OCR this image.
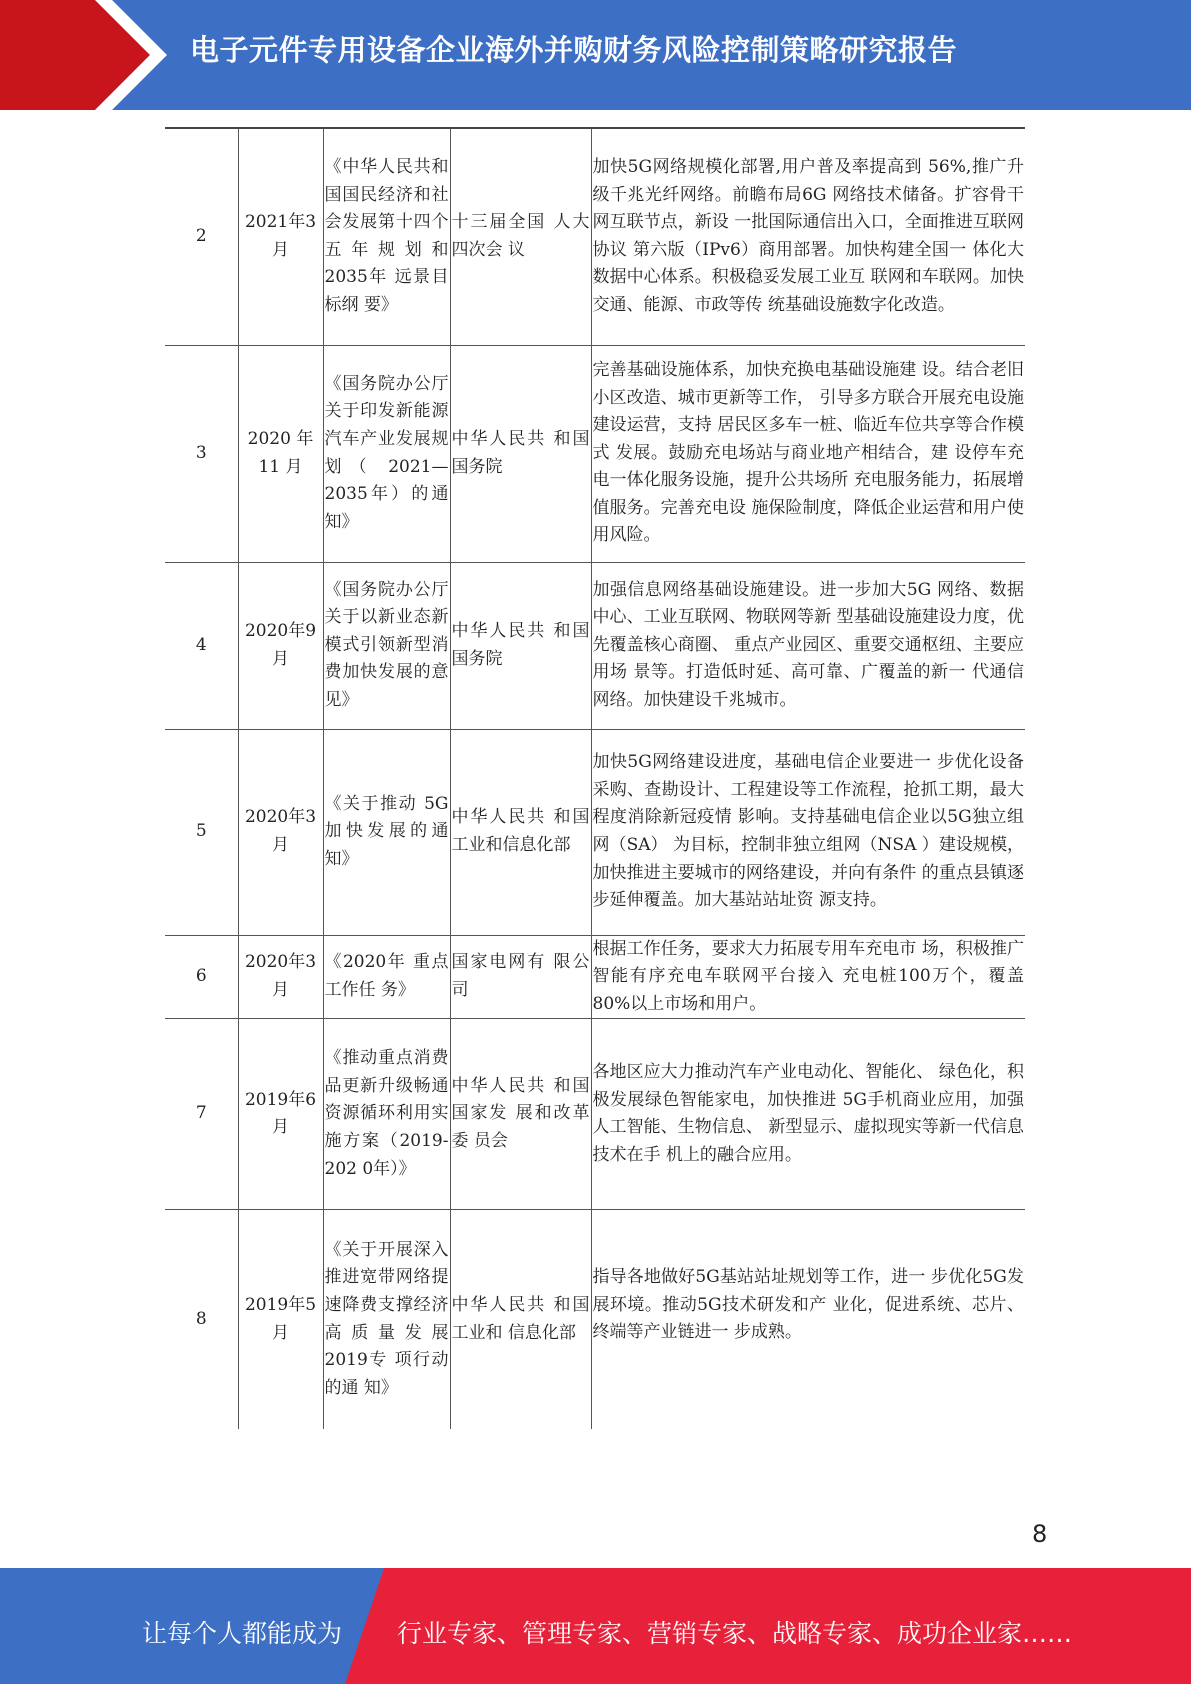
电子元件专用设备企业海外并购财务风险控制策略研究报告
2	2021年3月	《中华人民共和国国民经济和社会发展第十四个五年规划和2035年 远景目标纲 要》	十三届全国 人大四次会 议	加快5G网络规模化部署,用户普及率提高到 56%,推广升级千兆光纤网络。前瞻布局6G 网络技术储备。扩容骨干网互联节点，新设 一批国际通信出入口，全面推进互联网协议 第六版（IPv6）商用部署。加快构建全国一 体化大数据中心体系。积极稳妥发展工业互 联网和车联网。加快交通、能源、市政等传 统基础设施数字化改造。
3	2020 年 11 月	《国务院办公厅关于印发新能源汽车产业发展规 划（ 2021—2035年）的通知》	中华人民共 和国国务院	完善基础设施体系，加快充换电基础设施建 设。结合老旧小区改造、城市更新等工作， 引导多方联合开展充电设施建设运营，支持 居民区多车一桩、临近车位共享等合作模式 发展。鼓励充电场站与商业地产相结合，建 设停车充电一体化服务设施，提升公共场所 充电服务能力，拓展增值服务。完善充电设 施保险制度，降低企业运营和用户使用风险。
4	2020年9月	《国务院办公厅关于以新业态新模式引领新型消费加快发展的意见》	中华人民共 和国国务院	加强信息网络基础设施建设。进一步加大5G 网络、数据中心、工业互联网、物联网等新 型基础设施建设力度，优先覆盖核心商圈、 重点产业园区、重要交通枢纽、主要应用场 景等。打造低时延、高可靠、广覆盖的新一 代通信网络。加快建设千兆城市。
5	2020年3月	《关于推动 5G加快发展的通知》	中华人民共 和国工业和信息化部	加快5G网络建设进度，基础电信企业要进一 步优化设备采购、查勘设计、工程建设等工作流程，抢抓工期，最大程度消除新冠疫情 影响。支持基础电信企业以5G独立组网（SA） 为目标，控制非独立组网（NSA ）建设规模， 加快推进主要城市的网络建设，并向有条件 的重点县镇逐步延伸覆盖。加大基站站址资 源支持。
6	2020年3月	《2020年 重点工作任 务》	国家电网有 限公司	根据工作任务，要求大力拓展专用车充电市 场，积极推广智能有序充电车联网平台接入 充电桩100万个，覆盖80%以上市场和用户。
7	2019年6月	《推动重点消费品更新升级畅通资源循环利用实施方案（2019-202 0年）》	中华人民共 和国国家发 展和改革委 员会	各地区应大力推动汽车产业电动化、智能化、 绿色化，积极发展绿色智能家电，加快推进 5G手机商业应用，加强人工智能、生物信息、 新型显示、虚拟现实等新一代信息技术在手 机上的融合应用。
8	2019年5月	《关于开展深入推进宽带网络提速降费支撑经济高质量发展2019专 项行动的通 知》	中华人民共 和国工业和 信息化部	指导各地做好5G基站站址规划等工作，进一 步优化5G发展环境。推动5G技术研发和产 业化，促进系统、芯片、终端等产业链进一 步成熟。
8
让每个人都能成为 行业专家、管理专家、营销专家、战略专家、成功企业家……
